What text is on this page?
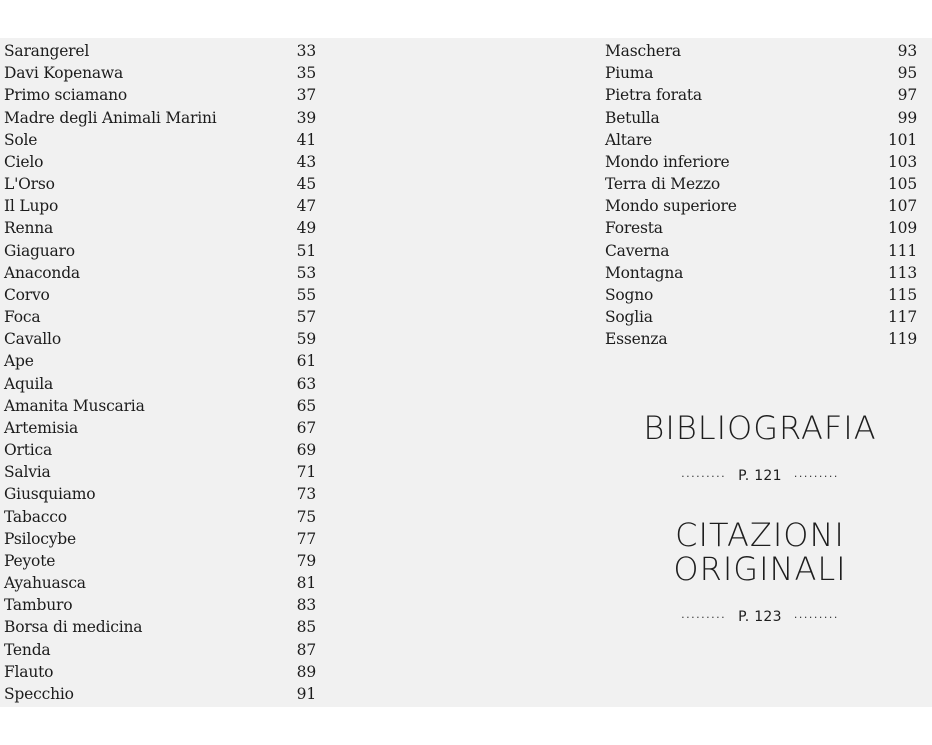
Sarangerel	33
Davi Kopenawa	35
Primo sciamano	37
Madre degli Animali Marini	39
Sole	41
Cielo	43
L'Orso	45
Il Lupo	47
Renna	49
Giaguaro	51
Anaconda	53
Corvo	55
Foca	57
Cavallo	59
Ape	61
Aquila	63
Amanita Muscaria	65
Artemisia	67
Ortica	69
Salvia	71
Giusquiamo	73
Tabacco	75
Psilocybe	77
Peyote	79
Ayahuasca	81
Tamburo	83
Borsa di medicina	85
Tenda	87
Flauto	89
Specchio	91
Maschera	93
Piuma	95
Pietra forata	97
Betulla	99
Altare	101
Mondo inferiore	103
Terra di Mezzo	105
Mondo superiore	107
Foresta	109
Caverna	111
Montagna	113
Sogno	115
Soglia	117
Essenza	119

BIBLIOGRAFIA

········· P. 121 ·········

CITAZIONI

ORIGINALI

········· P. 123 ·········
